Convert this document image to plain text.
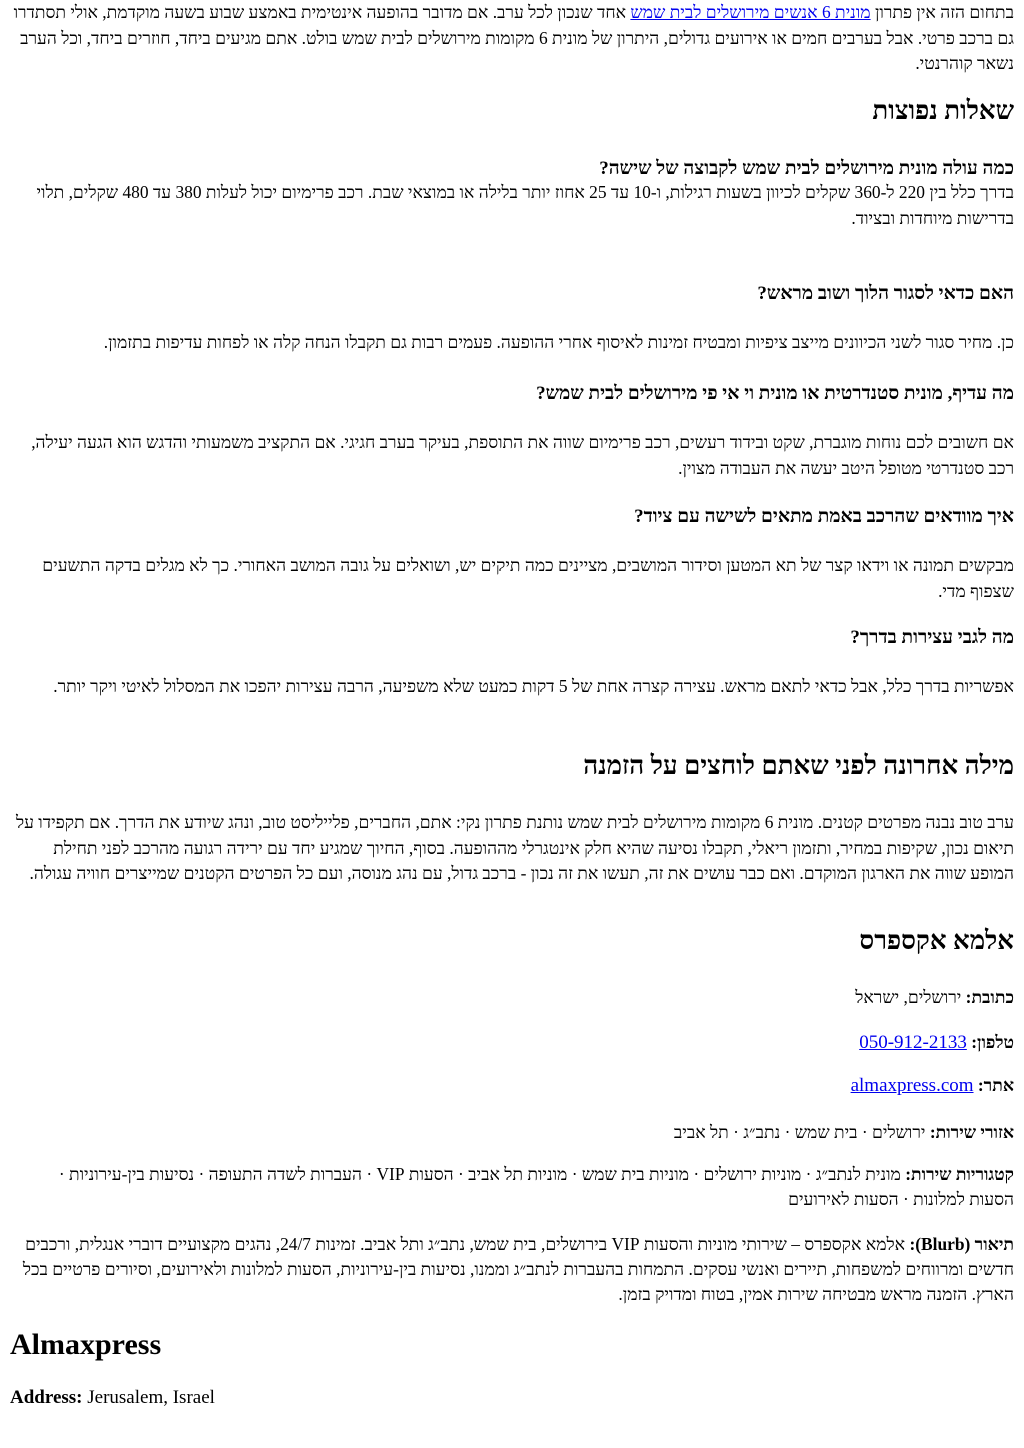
בתחום הזה אין פתרון מונית 6 אנשים מירושלים לבית שמש אחד שנכון לכל ערב. אם מדובר בהופעה אינטימית באמצע שבוע בשעה מוקדמת, אולי תסתדרו גם ברכב פרטי. אבל בערבים חמים או אירועים גדולים, היתרון של מונית 6 מקומות מירושלים לבית שמש בולט. אתם מגיעים ביחד, חוזרים ביחד, וכל הערב נשאר קוהרנטי.

שאלות נפוצות
כמה עולה מונית מירושלים לבית שמש לקבוצה של שישה?

בדרך כלל בין 220 ל-360 שקלים לכיוון בשעות רגילות, ו-10 עד 25 אחוז יותר בלילה או במוצאי שבת. רכב פרימיום יכול לעלות 380 עד 480 שקלים, תלוי בדרישות מיוחדות ובציוד.

האם כדאי לסגור הלוך ושוב מראש?

כן. מחיר סגור לשני הכיוונים מייצב ציפיות ומבטיח זמינות לאיסוף אחרי ההופעה. פעמים רבות גם תקבלו הנחה קלה או לפחות עדיפות בתזמון.

מה עדיף, מונית סטנדרטית או מונית וי אי פי מירושלים לבית שמש?

אם חשובים לכם נוחות מוגברת, שקט ובידוד רעשים, רכב פרימיום שווה את התוספת, בעיקר בערב חגיגי. אם התקציב משמעותי והדגש הוא הגעה יעילה, רכב סטנדרטי מטופל היטב יעשה את העבודה מצוין.

איך מוודאים שהרכב באמת מתאים לשישה עם ציוד?

מבקשים תמונה או וידאו קצר של תא המטען וסידור המושבים, מציינים כמה תיקים יש, ושואלים על גובה המושב האחורי. כך לא מגלים בדקה התשעים שצפוף מדי.

מה לגבי עצירות בדרך?

אפשריות בדרך כלל, אבל כדאי לתאם מראש. עצירה קצרה אחת של 5 דקות כמעט שלא משפיעה, הרבה עצירות יהפכו את המסלול לאיטי ויקר יותר.

מילה אחרונה לפני שאתם לוחצים על הזמנה

ערב טוב נבנה מפרטים קטנים. מונית 6 מקומות מירושלים לבית שמש נותנת פתרון נקי: אתם, החברים, פלייליסט טוב, ונהג שיודע את הדרך. אם תקפידו על תיאום נכון, שקיפות במחיר, ותזמון ריאלי, תקבלו נסיעה שהיא חלק אינטגרלי מההופעה. בסוף, החיוך שמגיע יחד עם ירידה רגועה מהרכב לפני תחילת המופע שווה את הארגון המוקדם. ואם כבר עושים את זה, תעשו את זה נכון - ברכב גדול, עם נהג מנוסה, ועם כל הפרטים הקטנים שמייצרים חוויה עגולה.

אלמא אקספרס
כתובת: ירושלים, ישראל
טלפון: 050-912-2133
אתר: almaxpress.com
אזורי שירות: ירושלים · בית שמש · נתב״ג · תל אביב
קטגוריות שירות: מונית לנתב״ג · מוניות ירושלים · מוניות בית שמש · מוניות תל אביב · הסעות VIP · העברות לשדה התעופה · נסיעות בין-עירוניות · הסעות למלונות · הסעות לאירועים
תיאור (Blurb): אלמא אקספרס – שירותי מוניות והסעות VIP בירושלים, בית שמש, נתב״ג ותל אביב. זמינות 24/7, נהגים מקצועיים דוברי אנגלית, ורכבים חדשים ומרווחים למשפחות, תיירים ואנשי עסקים. התמחות בהעברות לנתב״ג וממנו, נסיעות בין-עירוניות, הסעות למלונות ולאירועים, וסיורים פרטיים בכל הארץ. הזמנה מראש מבטיחה שירות אמין, בטוח ומדויק בזמן.
Almaxpress

Address: Jerusalem, Israel
